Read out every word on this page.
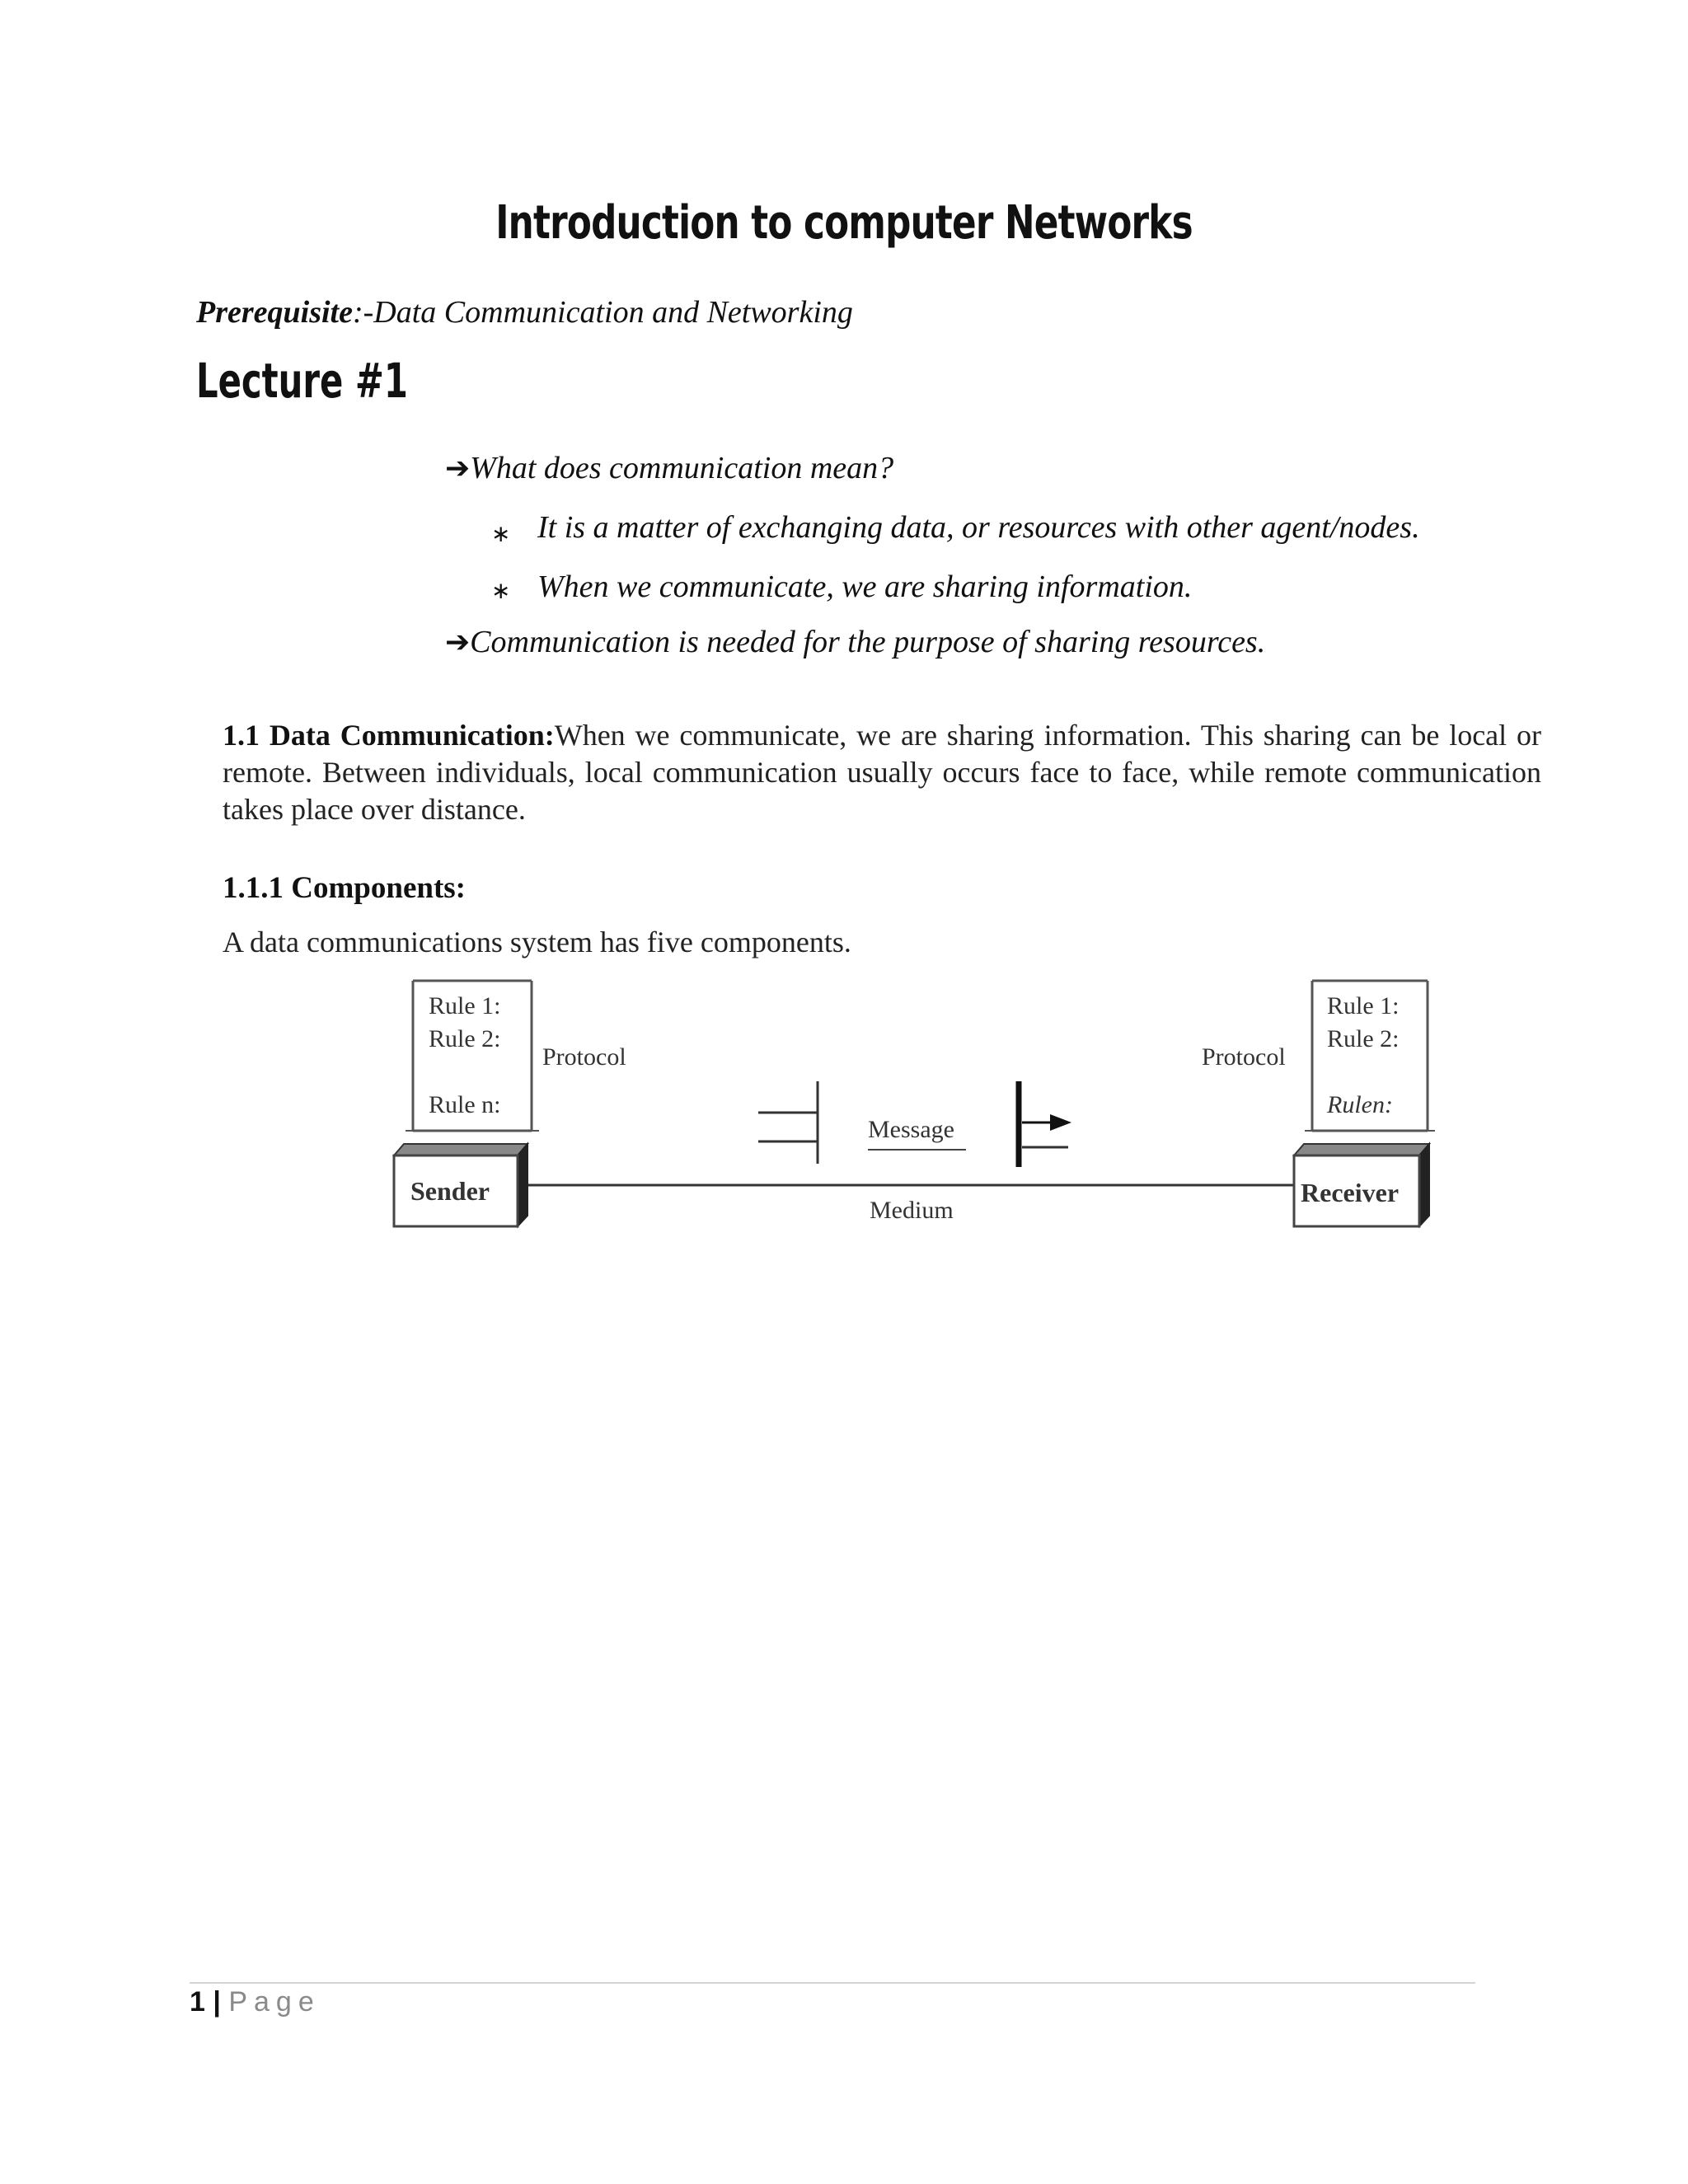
Introduction to computer Networks
Prerequisite:-Data Communication and Networking
Lecture #1
➔What does communication mean?
∗
It is a matter of exchanging data, or resources with other agent/nodes.
∗
When we communicate, we are sharing information.
➔Communication is needed for the purpose of sharing resources.
1.1 Data Communication:When we communicate, we are sharing information. This sharing can be local or remote. Between individuals, local communication usually occurs face to face, while remote communication takes place over distance.
1.1.1 Components:
A data communications system has five components.
Rule 1:
Rule 2:
Rule n:
Protocol
Rule 1:
Rule 2:
Rulen:
Protocol
Message
Medium
Sender	Receiver
1 | Page
